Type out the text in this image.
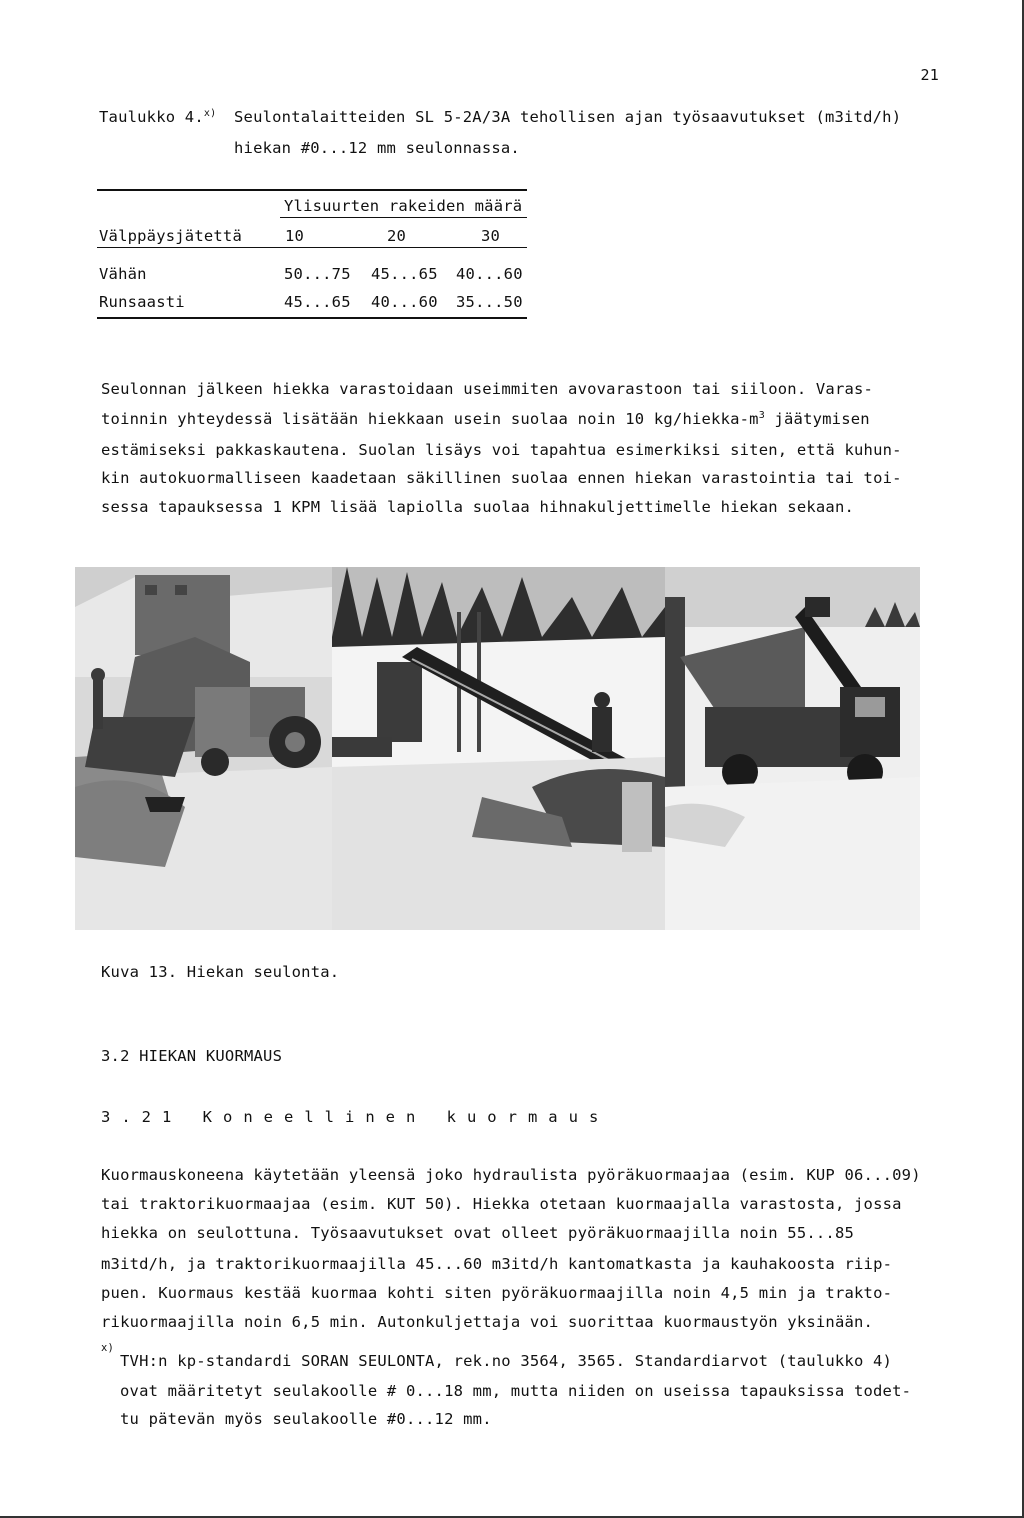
21
Taulukko 4.$^{x)}$ Seulontalaitteiden SL 5-2A/3A tehollisen ajan työsaavutukset (m3itd/h)
hiekan #0...12 mm seulonnassa.
Ylisuurten rakeiden määrä
Välppäysjätettä	10	20	30
Vähän	50...75 45...65 40...60
Runsaasti	45...65 40...60 35...50
Seulonnan jälkeen hiekka varastoidaan useimmiten avovarastoon tai siiloon. Varas-
toinnin yhteydessä lisätään hiekkaan usein suolaa noin 10 $kg/hiekka-m^3$ jäätymisen
estämiseksi pakkaskautena. Suolan lisäys voi tapahtua esimerkiksi siten, että kuhun-
kin autokuormalliseen kaadetaan säkillinen suolaa ennen hiekan varastointia tai toi-
sessa tapauksessa 1 KPM lisää lapiolla suolaa hihnakuljettimelle hiekan sekaan.
Kuva 13. Hiekan seulonta.
3.2 HIEKAN KUORMAUS
3.21 Koneellinen kuormaus
Kuormauskoneena käytetään yleensä joko hydraulista pyöräkuormaajaa (esim. KUP 06...09)
tai traktorikuormaajaa (esim. KUT 50). Hiekka otetaan kuormaajalla varastosta, jossa
hiekka on seulottuna. Työsaavutukset ovat olleet pyöräkuormaajilla noin 55...85
m3itd/h, ja traktorikuormaajilla 45...60 m3itd/h kantomatkasta ja kauhakoosta riip-
puen. Kuormaus kestää kuormaa kohti siten pyöräkuormaajilla noin 4,5 min ja trakto-
rikuormaajilla noin 6,5 min. Autonkuljettaja voi suorittaa kuormaustyön yksinään.
x)
TVH:n kp-standardi SORAN SEULONTA, rek.no 3564, 3565. Standardiarvot (taulukko 4)
ovat määritetyt seulakoolle # 0...18 mm, mutta niiden on useissa tapauksissa todet-
tu pätevän myös seulakoolle #0...12 mm.
